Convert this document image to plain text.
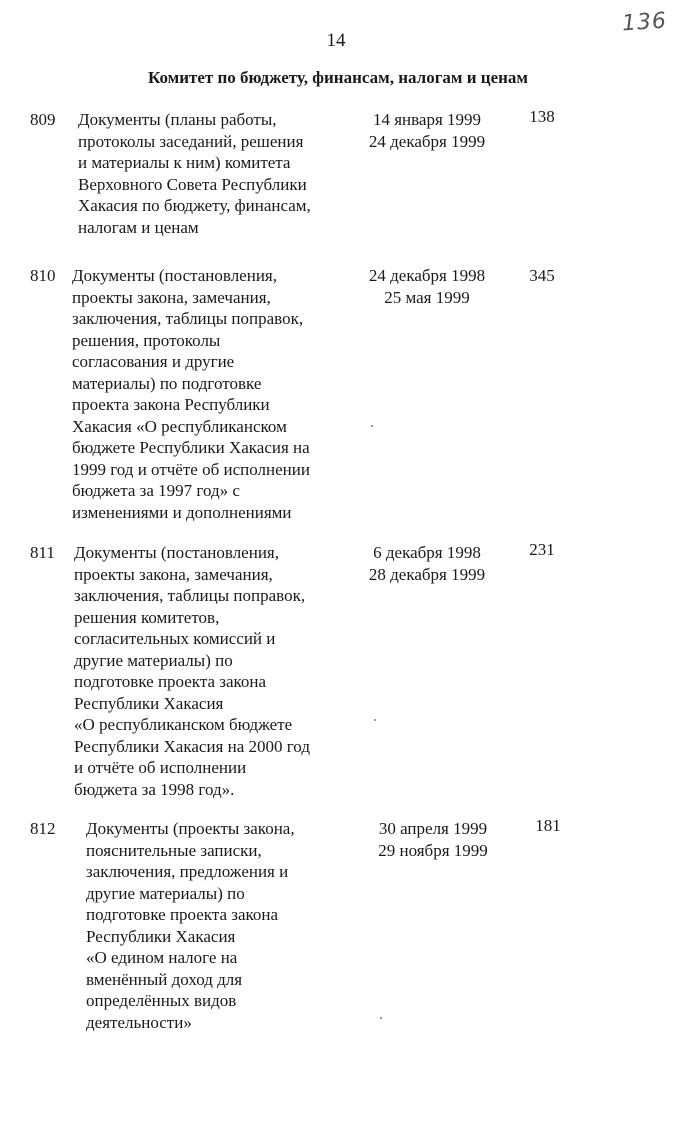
14
136
Комитет по бюджету, финансам, налогам и ценам
809 Документы (планы работы,
протоколы заседаний, решения
и материалы к ним) комитета
Верховного Совета Республики
Хакасия по бюджету, финансам,
налогам и ценам
14 января 1999
24 декабря 1999
138
810 Документы (постановления,
проекты закона, замечания,
заключения, таблицы поправок,
решения, протоколы
согласования и другие
материалы) по подготовке
проекта закона Республики
Хакасия «О республиканском
бюджете Республики Хакасия на
1999 год и отчёте об исполнении
бюджета за 1997 год» с
изменениями и дополнениями
24 декабря 1998
25 мая 1999
345
811 Документы (постановления,
проекты закона, замечания,
заключения, таблицы поправок,
решения комитетов,
согласительных комиссий и
другие материалы) по
подготовке проекта закона
Республики Хакасия
«О республиканском бюджете
Республики Хакасия на 2000 год
и отчёте об исполнении
бюджета за 1998 год».
6 декабря 1998
28 декабря 1999
231
812 Документы (проекты закона,
пояснительные записки,
заключения, предложения и
другие материалы) по
подготовке проекта закона
Республики Хакасия
«О едином налоге на
вменённый доход для
определённых видов
деятельности»
30 апреля 1999
29 ноября 1999
181
